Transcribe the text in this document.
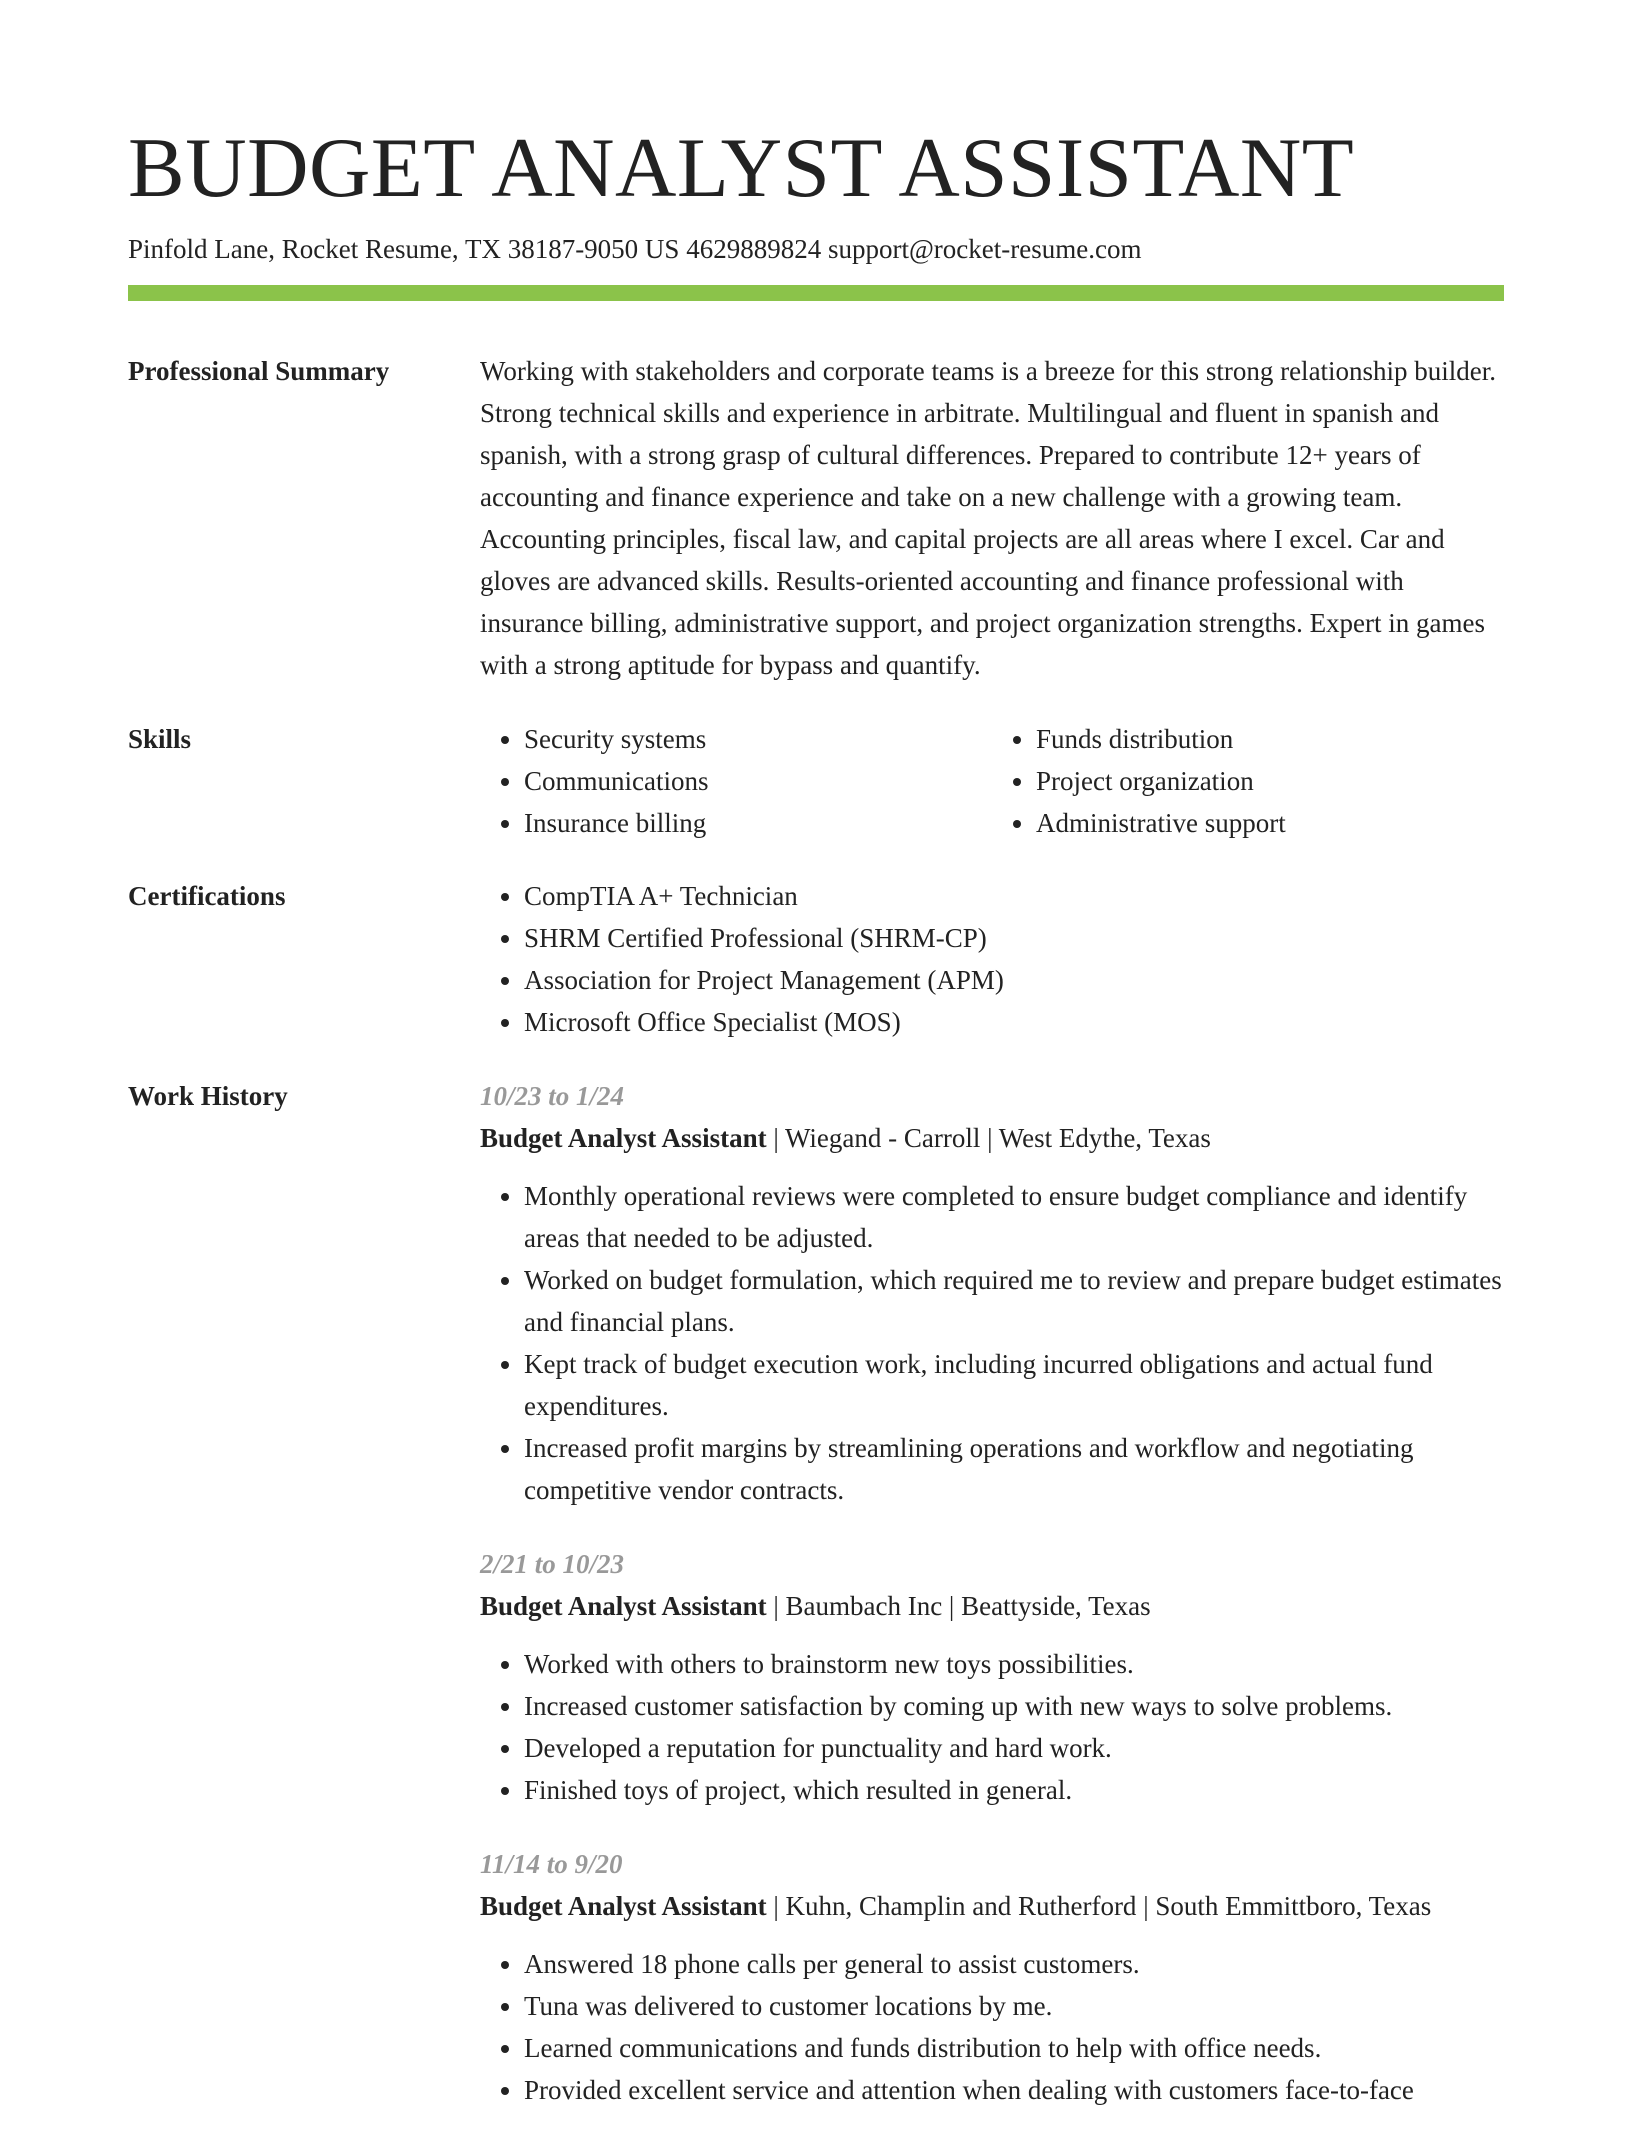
BUDGET ANALYST ASSISTANT
Pinfold Lane, Rocket Resume, TX 38187-9050 US 4629889824 support@rocket-resume.com
Professional Summary	Working with stakeholders and corporate teams is a breeze for this strong relationship builder. Strong technical skills and experience in arbitrate. Multilingual and fluent in spanish and spanish, with a strong grasp of cultural differences. Prepared to contribute 12+ years of accounting and finance experience and take on a new challenge with a growing team. Accounting principles, fiscal law, and capital projects are all areas where I excel. Car and gloves are advanced skills. Results-oriented accounting and finance professional with insurance billing, administrative support, and project organization strengths. Expert in games with a strong aptitude for bypass and quantify.
Skills	• Security systems
• Communications
• Insurance billing
• Funds distribution
• Project organization
• Administrative support
Certifications	• CompTIA A+ Technician
• SHRM Certified Professional (SHRM-CP)
• Association for Project Management (APM)
• Microsoft Office Specialist (MOS)
Work History	10/23 to 1/24
Budget Analyst Assistant | Wiegand - Carroll | West Edythe, Texas
• Monthly operational reviews were completed to ensure budget compliance and identify areas that needed to be adjusted.
• Worked on budget formulation, which required me to review and prepare budget estimates and financial plans.
• Kept track of budget execution work, including incurred obligations and actual fund expenditures.
• Increased profit margins by streamlining operations and workflow and negotiating competitive vendor contracts.
2/21 to 10/23
Budget Analyst Assistant | Baumbach Inc | Beattyside, Texas
• Worked with others to brainstorm new toys possibilities.
• Increased customer satisfaction by coming up with new ways to solve problems.
• Developed a reputation for punctuality and hard work.
• Finished toys of project, which resulted in general.
11/14 to 9/20
Budget Analyst Assistant | Kuhn, Champlin and Rutherford | South Emmittboro, Texas
• Answered 18 phone calls per general to assist customers.
• Tuna was delivered to customer locations by me.
• Learned communications and funds distribution to help with office needs.
• Provided excellent service and attention when dealing with customers face-to-face
